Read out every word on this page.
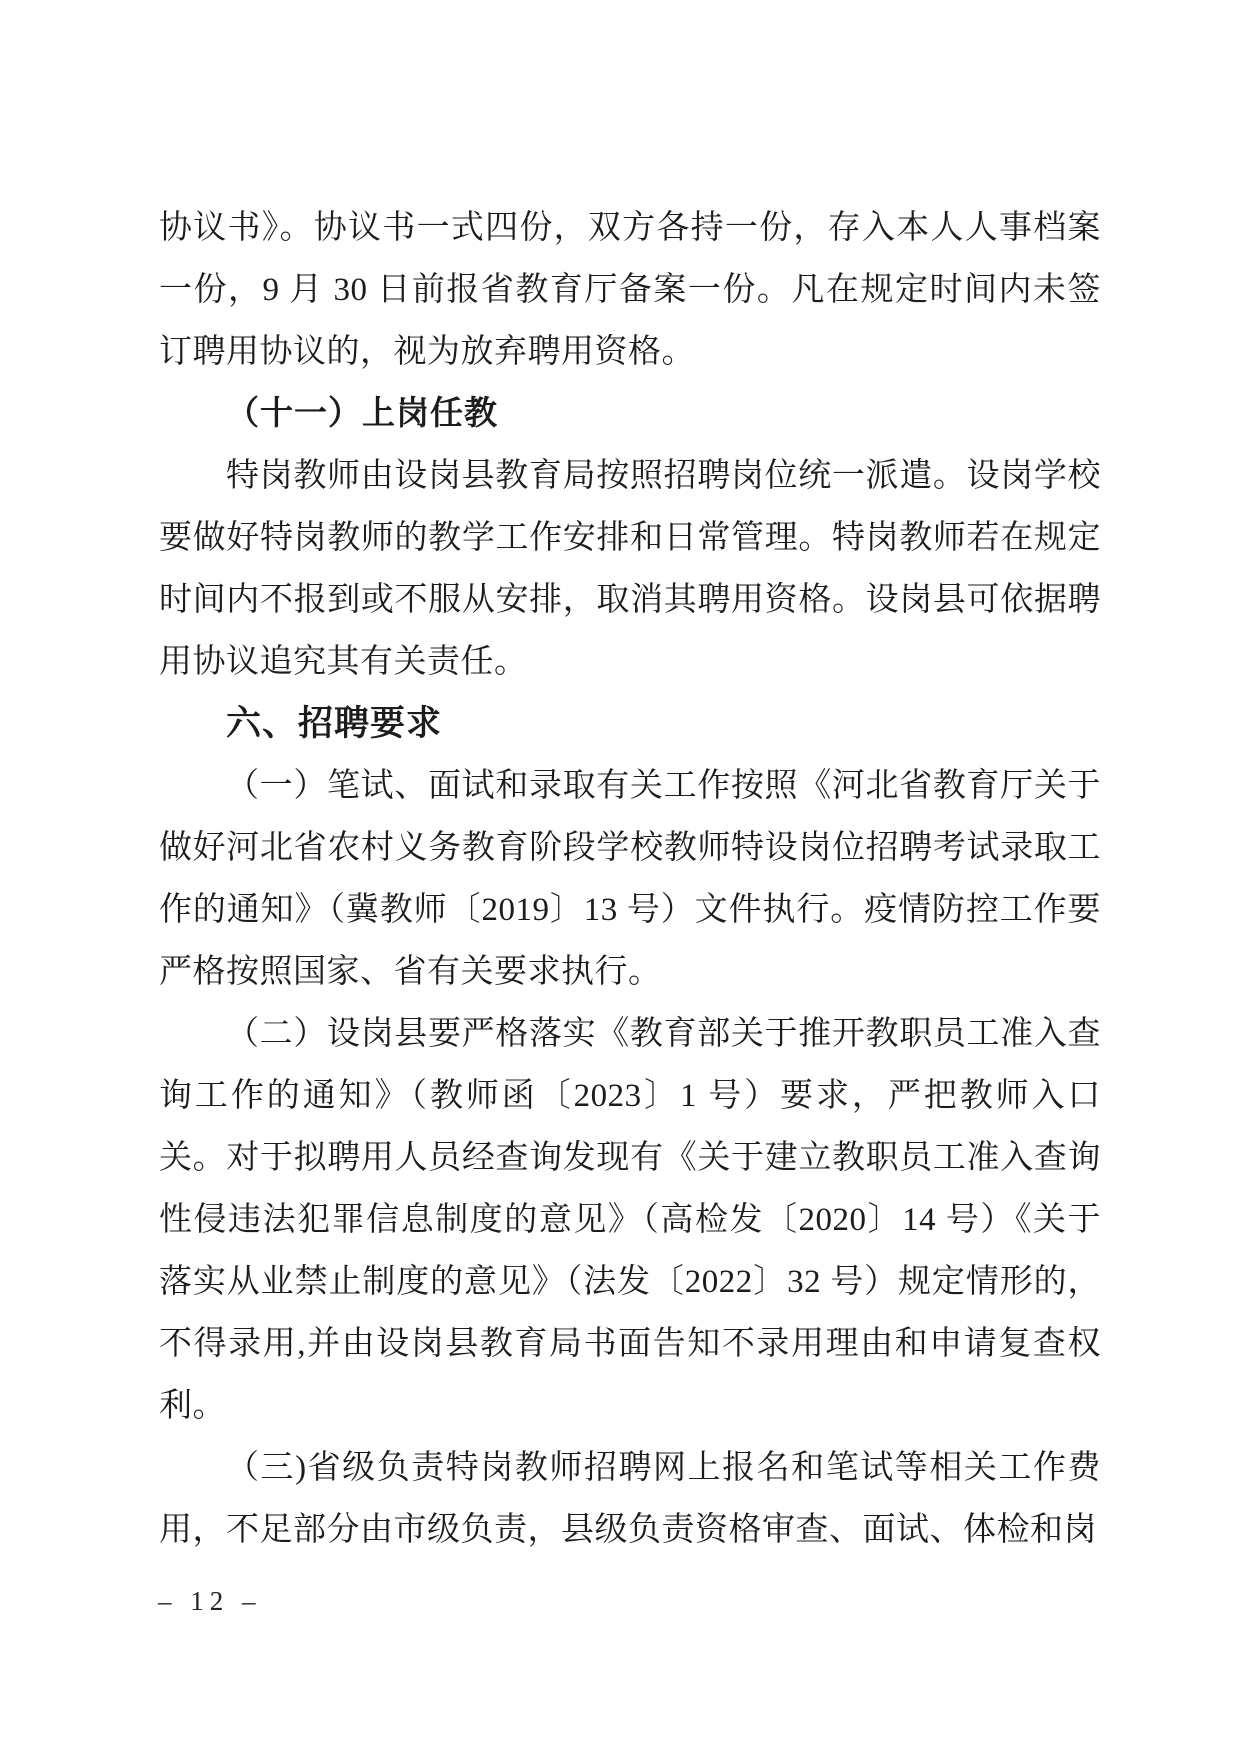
协议书》。协议书一式四份，双方各持一份，存入本人人事档案一份，9 月 30 日前报省教育厅备案一份。凡在规定时间内未签订聘用协议的，视为放弃聘用资格。

（十一）上岗任教

特岗教师由设岗县教育局按照招聘岗位统一派遣。设岗学校要做好特岗教师的教学工作安排和日常管理。特岗教师若在规定时间内不报到或不服从安排，取消其聘用资格。设岗县可依据聘用协议追究其有关责任。

六、招聘要求

（一）笔试、面试和录取有关工作按照《河北省教育厅关于做好河北省农村义务教育阶段学校教师特设岗位招聘考试录取工作的通知》（冀教师〔2019〕13 号）文件执行。疫情防控工作要严格按照国家、省有关要求执行。

（二）设岗县要严格落实《教育部关于推开教职员工准入查询工作的通知》（教师函〔2023〕1 号）要求，严把教师入口关。对于拟聘用人员经查询发现有《关于建立教职员工准入查询性侵违法犯罪信息制度的意见》（高检发〔2020〕14 号）《关于落实从业禁止制度的意见》（法发〔2022〕32 号）规定情形的，不得录用,并由设岗县教育局书面告知不录用理由和申请复查权利。

（三)省级负责特岗教师招聘网上报名和笔试等相关工作费用，不足部分由市级负责，县级负责资格审查、面试、体检和岗

– 12 –
